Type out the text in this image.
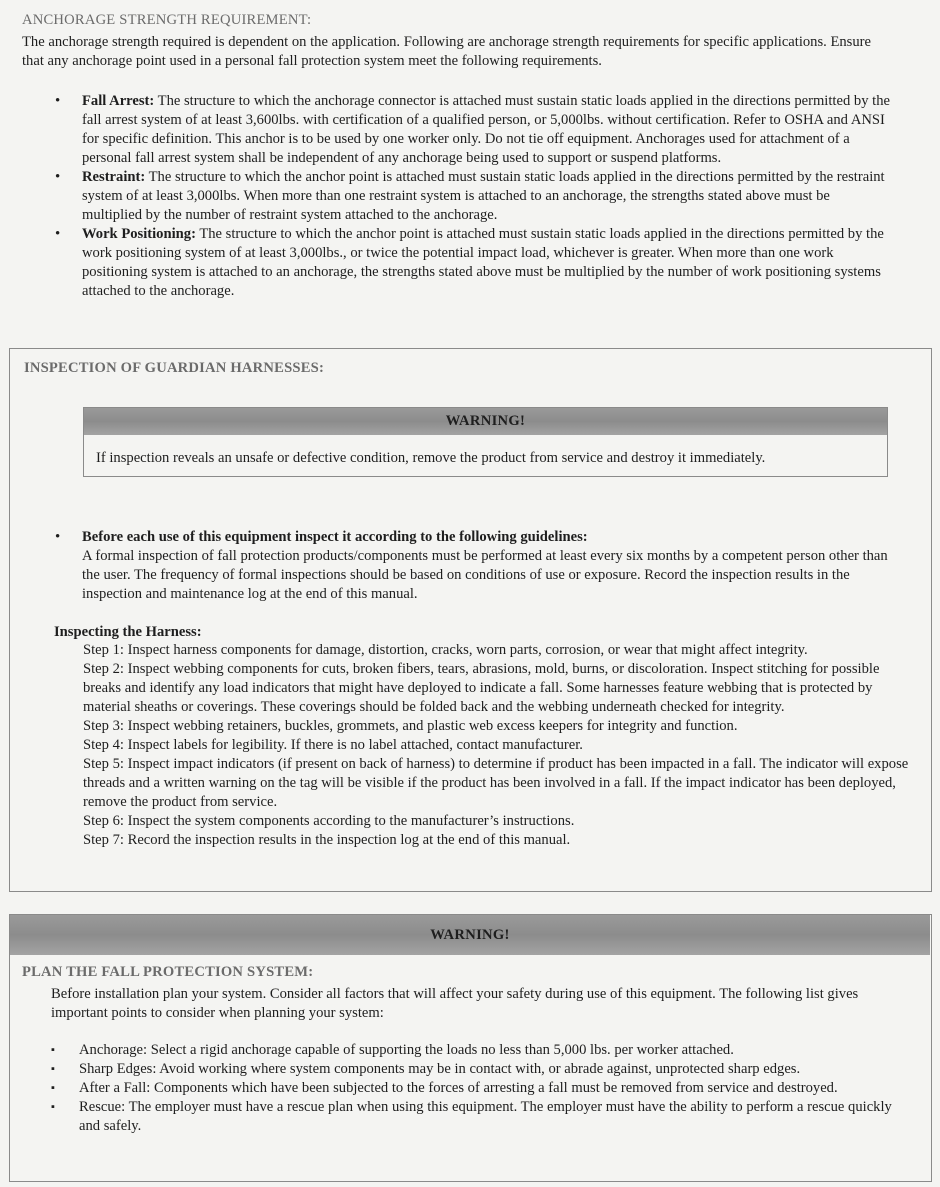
ANCHORAGE STRENGTH REQUIREMENT:

The anchorage strength required is dependent on the application. Following are anchorage strength requirements for specific applications. Ensure that any anchorage point used in a personal fall protection system meet the following requirements.

• Fall Arrest: The structure to which the anchorage connector is attached must sustain static loads applied in the directions permitted by the fall arrest system of at least 3,600lbs. with certification of a qualified person, or 5,000lbs. without certification. Refer to OSHA and ANSI for specific definition. This anchor is to be used by one worker only. Do not tie off equipment. Anchorages used for attachment of a personal fall arrest system shall be independent of any anchorage being used to support or suspend platforms.
• Restraint: The structure to which the anchor point is attached must sustain static loads applied in the directions permitted by the restraint system of at least 3,000lbs. When more than one restraint system is attached to an anchorage, the strengths stated above must be multiplied by the number of restraint system attached to the anchorage.
• Work Positioning: The structure to which the anchor point is attached must sustain static loads applied in the directions permitted by the work positioning system of at least 3,000lbs., or twice the potential impact load, whichever is greater. When more than one work positioning system is attached to an anchorage, the strengths stated above must be multiplied by the number of work positioning systems attached to the anchorage.
INSPECTION OF GUARDIAN HARNESSES:
WARNING!

If inspection reveals an unsafe or defective condition, remove the product from service and destroy it immediately.

• Before each use of this equipment inspect it according to the following guidelines:
A formal inspection of fall protection products/components must be performed at least every six months by a competent person other than the user. The frequency of formal inspections should be based on conditions of use or exposure. Record the inspection results in the inspection and maintenance log at the end of this manual.
Inspecting the Harness:

Step 1: Inspect harness components for damage, distortion, cracks, worn parts, corrosion, or wear that might affect integrity.

Step 2: Inspect webbing components for cuts, broken fibers, tears, abrasions, mold, burns, or discoloration. Inspect stitching for possible breaks and identify any load indicators that might have deployed to indicate a fall. Some harnesses feature webbing that is protected by material sheaths or coverings. These coverings should be folded back and the webbing underneath checked for integrity.

Step 3: Inspect webbing retainers, buckles, grommets, and plastic web excess keepers for integrity and function.

Step 4: Inspect labels for legibility. If there is no label attached, contact manufacturer.

Step 5: Inspect impact indicators (if present on back of harness) to determine if product has been impacted in a fall. The indicator will expose threads and a written warning on the tag will be visible if the product has been involved in a fall. If the impact indicator has been deployed, remove the product from service.

Step 6: Inspect the system components according to the manufacturer’s instructions.

Step 7: Record the inspection results in the inspection log at the end of this manual.

WARNING!
PLAN THE FALL PROTECTION SYSTEM:

Before installation plan your system. Consider all factors that will affect your safety during use of this equipment. The following list gives important points to consider when planning your system:

▪ Anchorage: Select a rigid anchorage capable of supporting the loads no less than 5,000 lbs. per worker attached.
▪ Sharp Edges: Avoid working where system components may be in contact with, or abrade against, unprotected sharp edges.
▪ After a Fall: Components which have been subjected to the forces of arresting a fall must be removed from service and destroyed.
▪ Rescue: The employer must have a rescue plan when using this equipment. The employer must have the ability to perform a rescue quickly and safely.
